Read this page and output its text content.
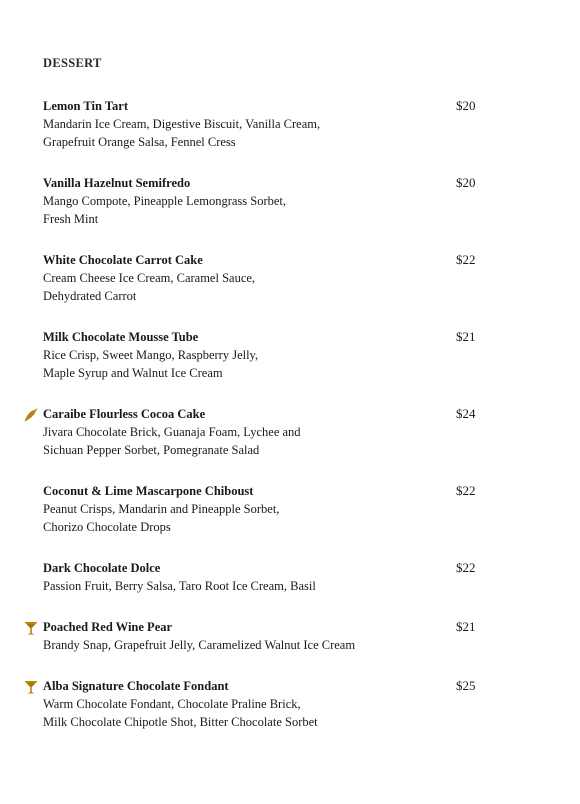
DESSERT
Lemon Tin Tart
Mandarin Ice Cream, Digestive Biscuit, Vanilla Cream,
Grapefruit Orange Salsa, Fennel Cress
$20
Vanilla Hazelnut Semifredo
Mango Compote, Pineapple Lemongrass Sorbet,
Fresh Mint
$20
White Chocolate Carrot Cake
Cream Cheese Ice Cream, Caramel Sauce,
Dehydrated Carrot
$22
Milk Chocolate Mousse Tube
Rice Crisp, Sweet Mango, Raspberry Jelly,
Maple Syrup and Walnut Ice Cream
$21
Caraibe Flourless Cocoa Cake
Jivara Chocolate Brick, Guanaja Foam, Lychee and
Sichuan Pepper Sorbet, Pomegranate Salad
$24
Coconut & Lime Mascarpone Chiboust
Peanut Crisps, Mandarin and Pineapple Sorbet,
Chorizo Chocolate Drops
$22
Dark Chocolate Dolce
Passion Fruit, Berry Salsa, Taro Root Ice Cream, Basil
$22
Poached Red Wine Pear
Brandy Snap, Grapefruit Jelly, Caramelized Walnut Ice Cream
$21
Alba Signature Chocolate Fondant
Warm Chocolate Fondant, Chocolate Praline Brick,
Milk Chocolate Chipotle Shot, Bitter Chocolate Sorbet
$25
